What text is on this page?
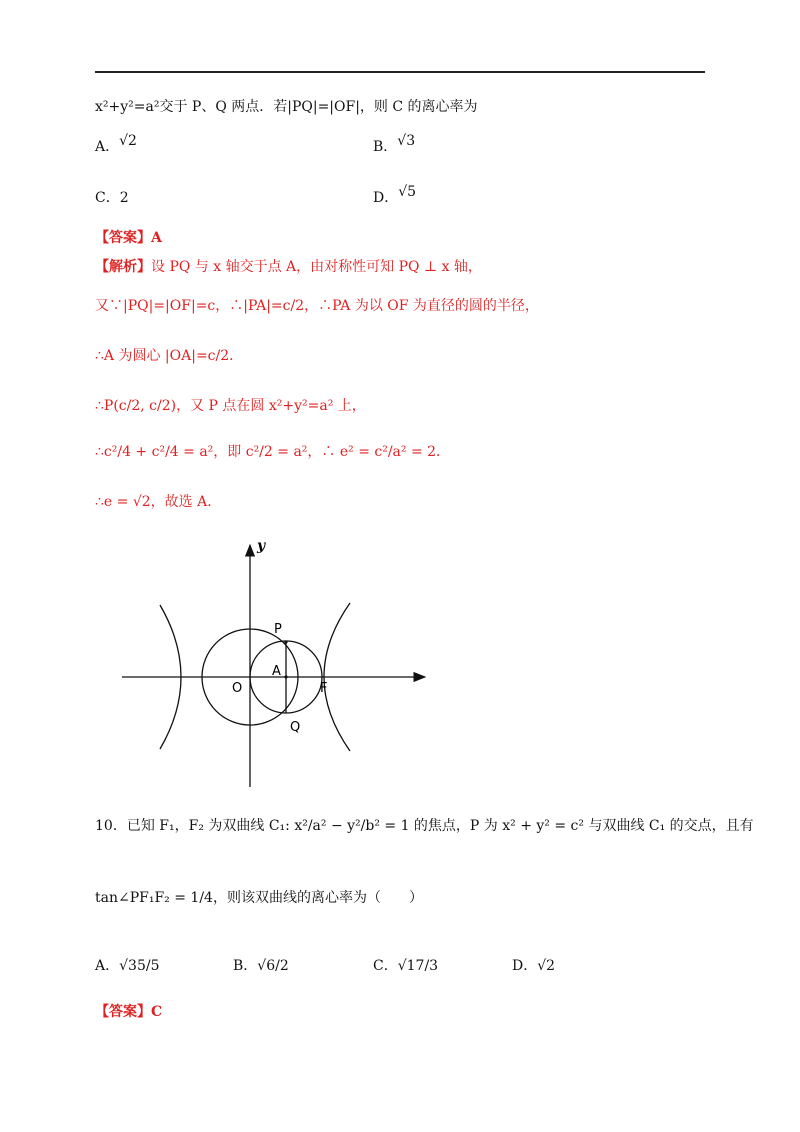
x²+y²=a²交于 P、Q 两点．若|PQ|=|OF|，则 C 的离心率为
A．√2	B．√3
C．2	D．√5
【答案】A
【解析】设 PQ 与 x 轴交于点 A，由对称性可知 PQ ⊥ x 轴，
又∵|PQ|=|OF|=c，∴|PA|=c/2，∴PA 为以 OF 为直径的圆的半径，
∴A 为圆心 |OA|=c/2．
∴P(c/2, c/2)，又 P 点在圆 x²+y²=a² 上，
∴c²/4 + c²/4 = a²，即 c²/2 = a²，∴ e² = c²/a² = 2．
∴e = √2，故选 A．
y
P
O
A
F
Q
10．已知 F₁，F₂ 为双曲线 C₁: x²/a² − y²/b² = 1 的焦点，P 为 x² + y² = c² 与双曲线 C₁ 的交点，且有
tan∠PF₁F₂ = 1/4，则该双曲线的离心率为（　　）
A．√35/5	B．√6/2	C．√17/3	D．√2
【答案】C
